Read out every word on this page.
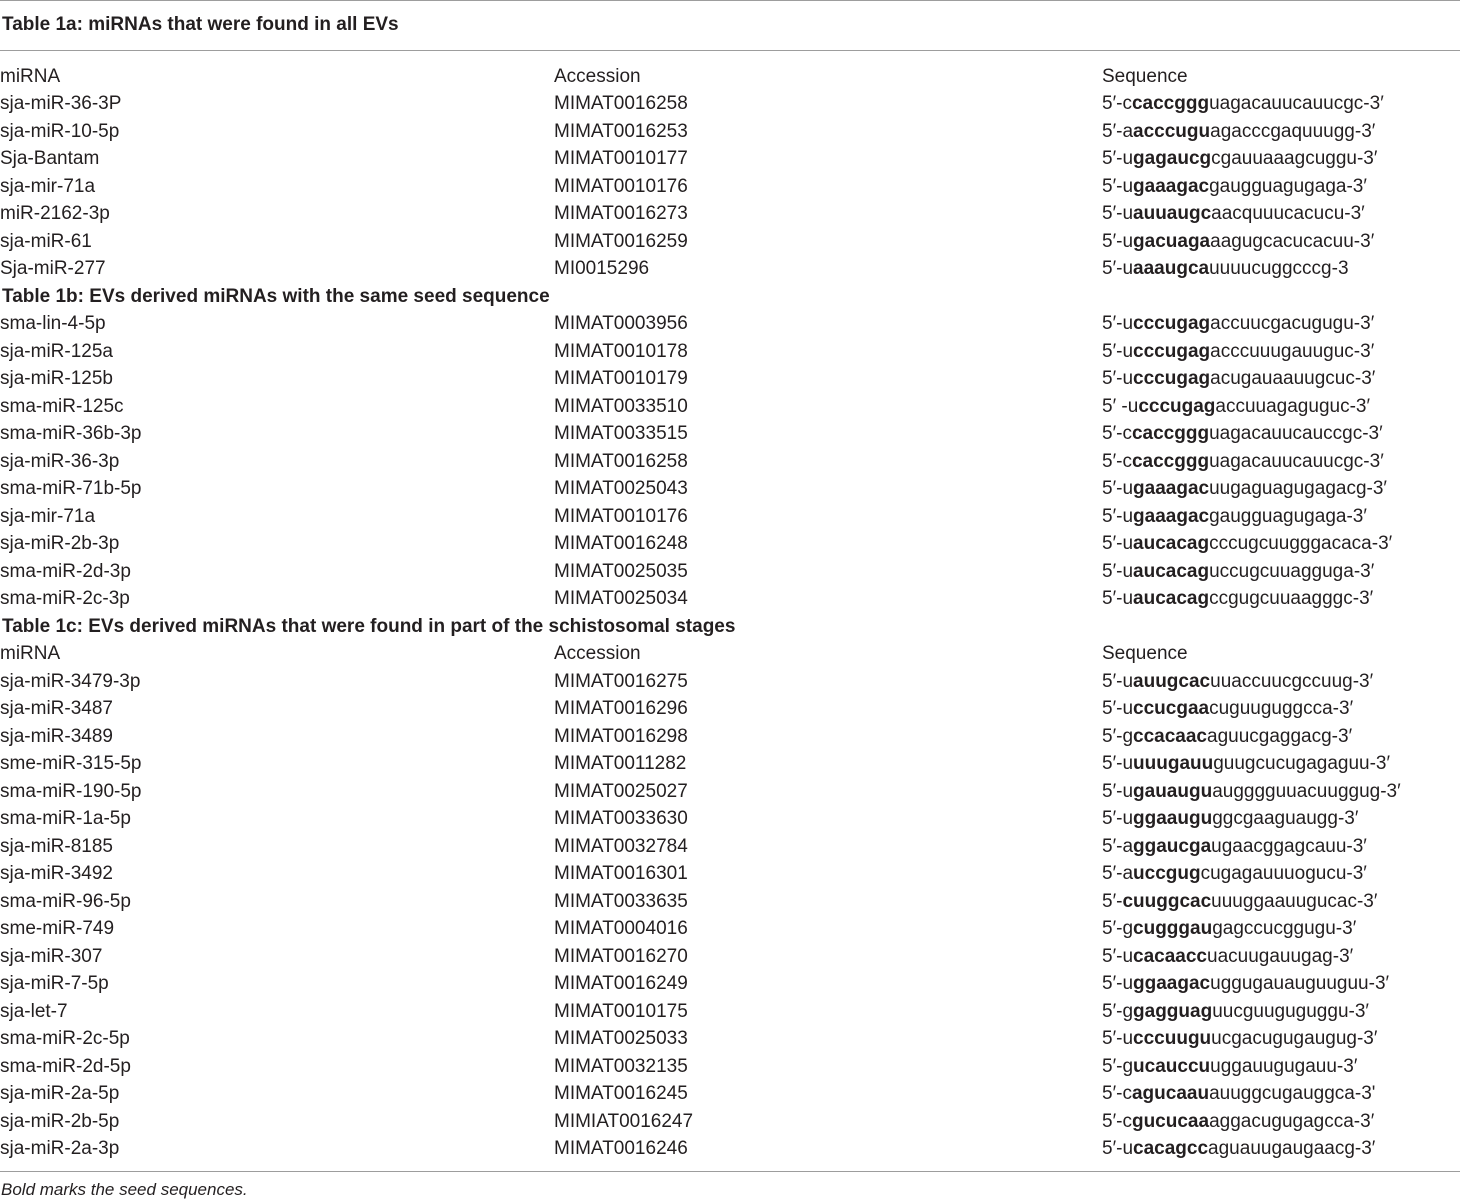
Table 1a: miRNAs that were found in all EVs
miRNA	Accession	Sequence
sja-miR-36-3P	MIMAT0016258	5′-ccaccggguagacauucauucgc-3′
sja-miR-10-5p	MIMAT0016253	5′-aacccuguagacccgaquuugg-3′
Sja-Bantam	MIMAT0010177	5′-ugagaucgcgauuaaagcuggu-3′
sja-mir-71a	MIMAT0010176	5′-ugaaagacgaugguagugaga-3′
miR-2162-3p	MIMAT0016273	5′-uauuaugcaacquuucacucu-3′
sja-miR-61	MIMAT0016259	5′-ugacuagaaagugcacucacuu-3′
Sja-miR-277	MI0015296	5′-uaaaugcauuuucuggcccg-3
Table 1b: EVs derived miRNAs with the same seed sequence
sma-lin-4-5p	MIMAT0003956	5′-ucccugagaccuucgacugugu-3′
sja-miR-125a	MIMAT0010178	5′-ucccugagacccuuugauuguc-3′
sja-miR-125b	MIMAT0010179	5′-ucccugagacugauaauugcuc-3′
sma-miR-125c	MIMAT0033510	5′ -ucccugagaccuuagaguguc-3′
sma-miR-36b-3p	MIMAT0033515	5′-ccaccggguagacauucauccgc-3′
sja-miR-36-3p	MIMAT0016258	5′-ccaccggguagacauucauucgc-3′
sma-miR-71b-5p	MIMAT0025043	5′-ugaaagacuugaguagugagacg-3′
sja-mir-71a	MIMAT0010176	5′-ugaaagacgaugguagugaga-3′
sja-miR-2b-3p	MIMAT0016248	5′-uaucacagcccugcuugggacaca-3′
sma-miR-2d-3p	MIMAT0025035	5′-uaucacaguccugcuuagguga-3′
sma-miR-2c-3p	MIMAT0025034	5′-uaucacagccgugcuuaagggc-3′
Table 1c: EVs derived miRNAs that were found in part of the schistosomal stages
miRNA	Accession	Sequence
sja-miR-3479-3p	MIMAT0016275	5′-uauugcacuuaccuucgccuug-3′
sja-miR-3487	MIMAT0016296	5′-uccucgaacuguuguggcca-3′
sja-miR-3489	MIMAT0016298	5′-gccacaacaguucgaggacg-3′
sme-miR-315-5p	MIMAT0011282	5′-uuuugauuguugcucugagaguu-3′
sma-miR-190-5p	MIMAT0025027	5′-ugauauguaugggguuacuuggug-3′
sma-miR-1a-5p	MIMAT0033630	5′-uggaauguggcgaaguaugg-3′
sja-miR-8185	MIMAT0032784	5′-aggaucgaugaacggagcauu-3′
sja-miR-3492	MIMAT0016301	5′-auccgugcugagauuuogucu-3′
sma-miR-96-5p	MIMAT0033635	5′-cuuggcacuuuggaauugucac-3′
sme-miR-749	MIMAT0004016	5′-gcugggaugagccucggugu-3′
sja-miR-307	MIMAT0016270	5′-ucacaaccuacuugauugag-3′
sja-miR-7-5p	MIMAT0016249	5′-uggaagacuggugauauguuguu-3′
sja-let-7	MIMAT0010175	5′-ggagguaguucguuguguggu-3′
sma-miR-2c-5p	MIMAT0025033	5′-ucccuuguucgacugugaugug-3′
sma-miR-2d-5p	MIMAT0032135	5′-gucauccuuggauugugauu-3′
sja-miR-2a-5p	MIMAT0016245	5′-cagucaauauuggcugauggca-3'
sja-miR-2b-5p	MIMIAT0016247	5′-cgucucaaaggacugugagcca-3′
sja-miR-2a-3p	MIMAT0016246	5′-ucacagccaguauugaugaacg-3′
Bold marks the seed sequences.
